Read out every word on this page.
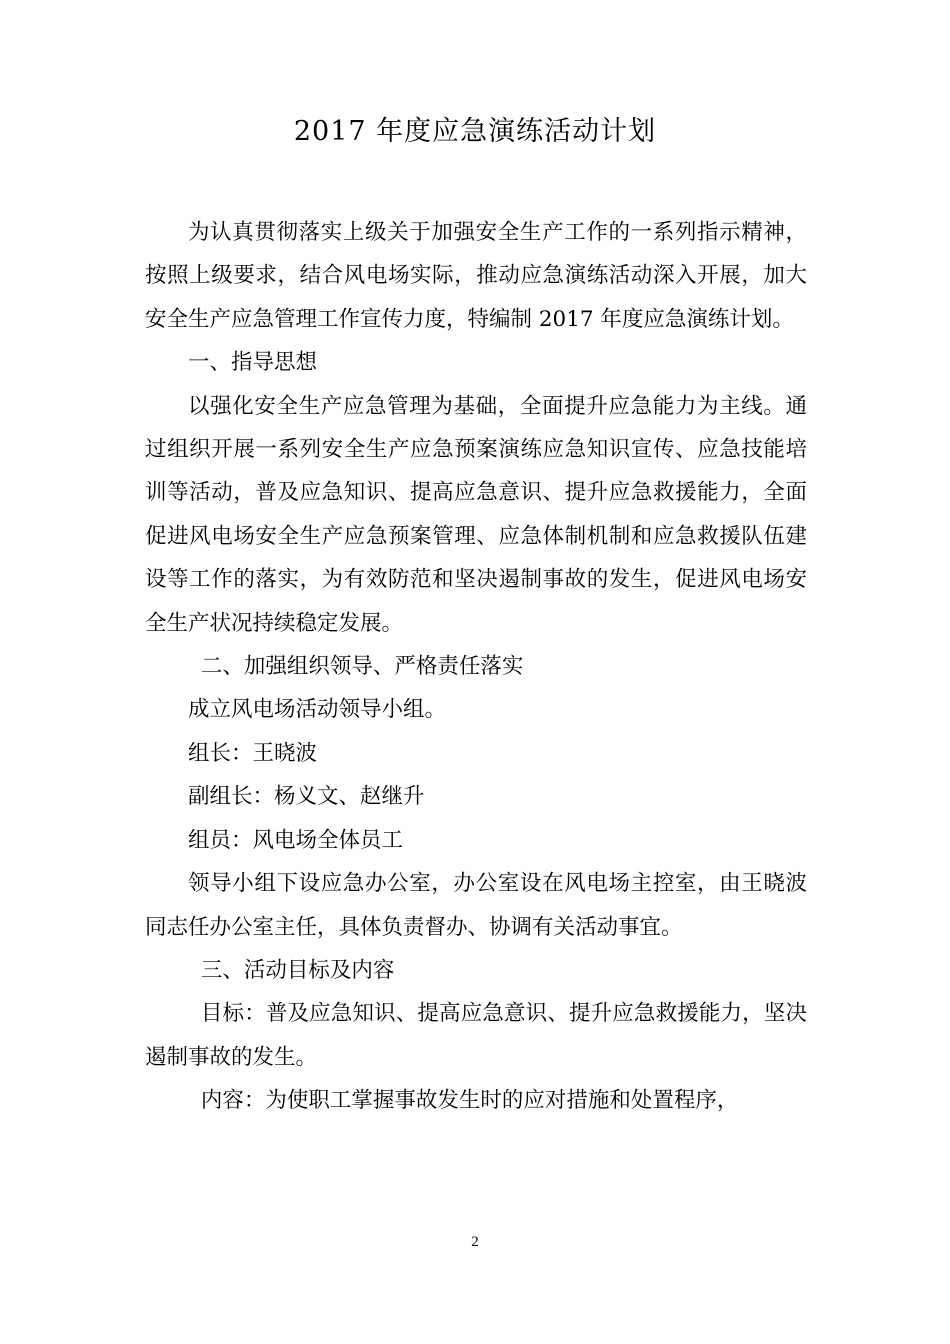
2017 年度应急演练活动计划

为认真贯彻落实上级关于加强安全生产工作的一系列指示精神，按照上级要求，结合风电场实际，推动应急演练活动深入开展，加大安全生产应急管理工作宣传力度，特编制 2017 年度应急演练计划。

一、指导思想

以强化安全生产应急管理为基础，全面提升应急能力为主线。通过组织开展一系列安全生产应急预案演练应急知识宣传、应急技能培训等活动，普及应急知识、提高应急意识、提升应急救援能力，全面促进风电场安全生产应急预案管理、应急体制机制和应急救援队伍建设等工作的落实，为有效防范和坚决遏制事故的发生，促进风电场安全生产状况持续稳定发展。

二、加强组织领导、严格责任落实

成立风电场活动领导小组。

组长：王晓波

副组长：杨义文、赵继升

组员：风电场全体员工

领导小组下设应急办公室，办公室设在风电场主控室，由王晓波同志任办公室主任，具体负责督办、协调有关活动事宜。

三、活动目标及内容

目标：普及应急知识、提高应急意识、提升应急救援能力，坚决遏制事故的发生。

内容：为使职工掌握事故发生时的应对措施和处置程序，

2
